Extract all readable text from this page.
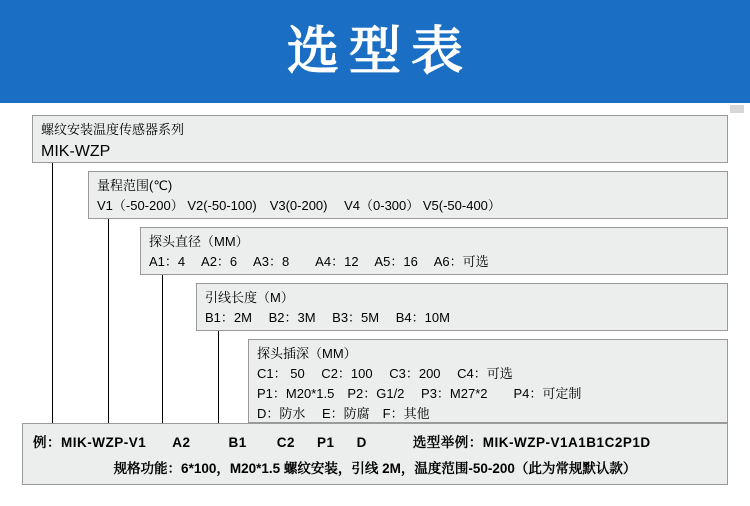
选型表
螺纹安装温度传感器系列
MIK-WZP
量程范围(℃)
V1（-50-200） V2(-50-100)　V3(0-200)　 V4（0-300） V5(-50-400）
探头直径（MM）
A1：4　 A2：6　 A3：8　　A4：12　 A5：16　 A6：可选
引线长度（M）
B1：2M　 B2：3M　 B3：5M　 B4：10M
探头插深（MM）
C1： 50　 C2：100　 C3：200　 C4：可选
P1：M20*1.5　P2：G1/2　 P3：M27*2　　P4：可定制
D：防水　 E：防腐　F：其他
例：MIK-WZP-V1 A2	B1 C2 P1 D	选型举例：MIK-WZP-V1A1B1C2P1D
规格功能：6*100，M20*1.5 螺纹安装，引线 2M，温度范围-50-200（此为常规默认款）
